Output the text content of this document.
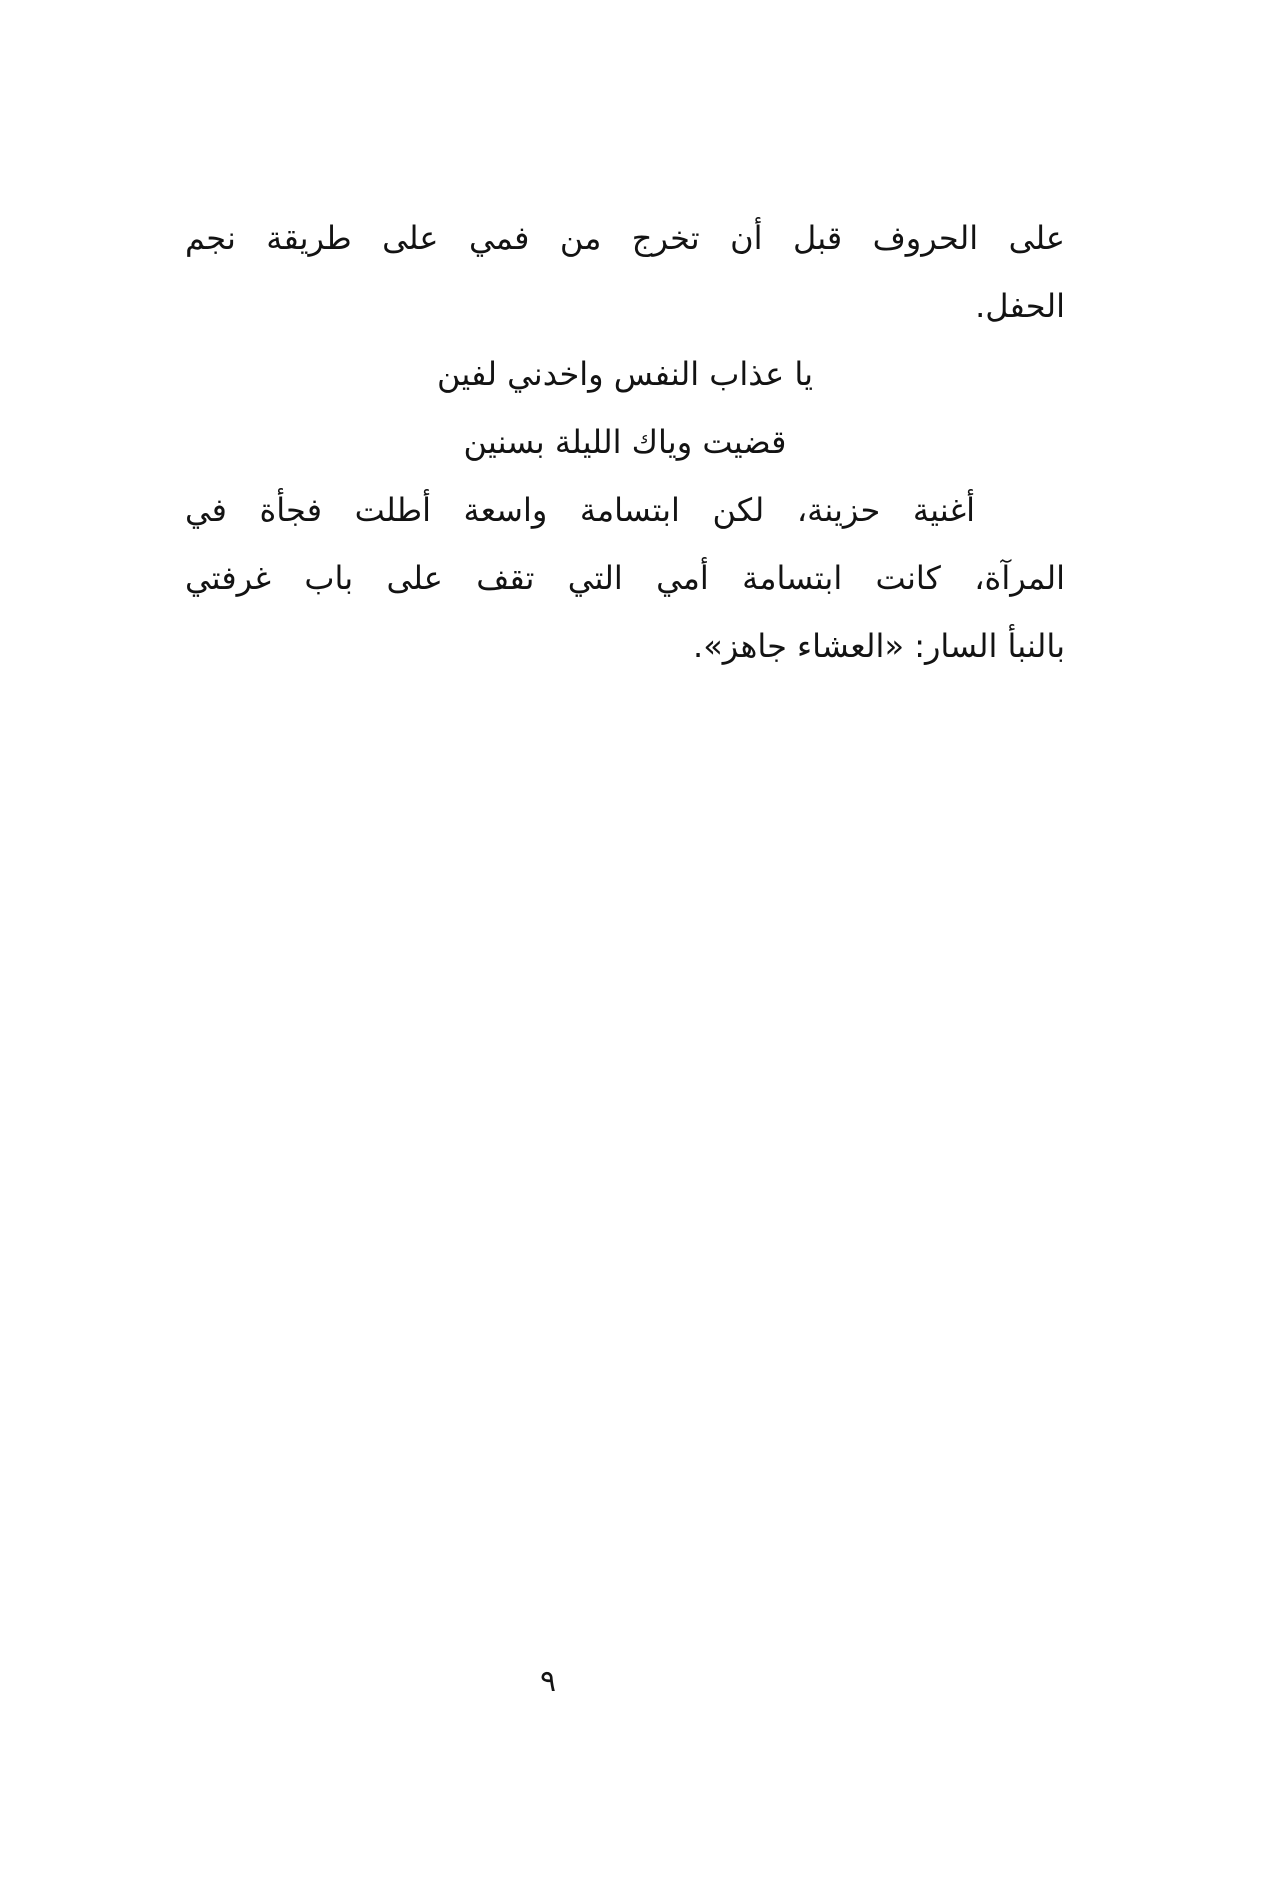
على الحروف قبل أن تخرج من فمي على طريقة نجم
الحفل.
يا عذاب النفس واخدني لفين
قضيت وياك الليلة بسنين
أغنية حزينة، لكن ابتسامة واسعة أطلت فجأة في
المرآة، كانت ابتسامة أمي التي تقف على باب غرفتي
بالنبأ السار: «العشاء جاهز».
٩
